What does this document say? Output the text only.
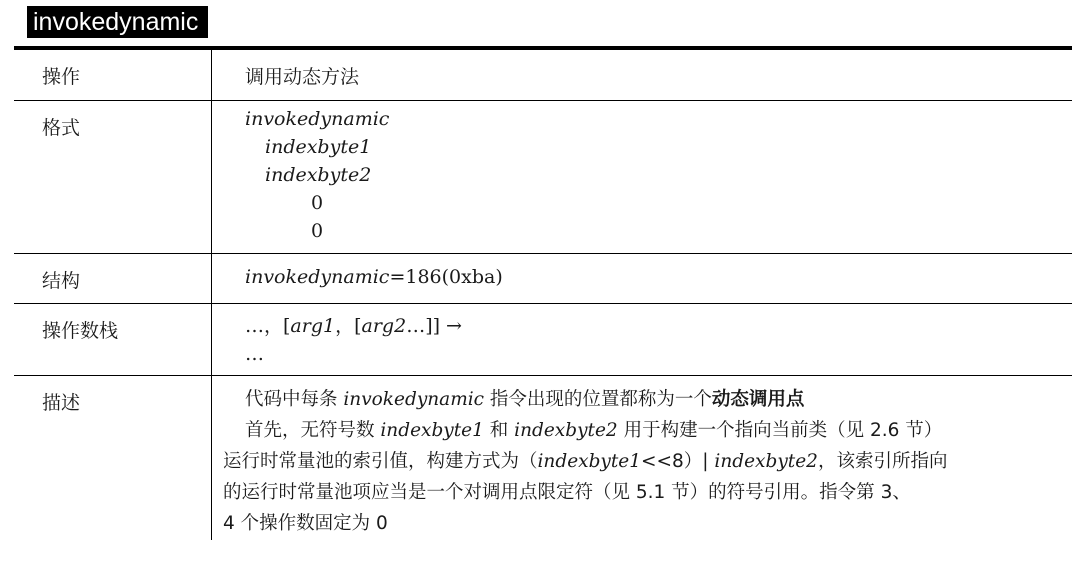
invokedynamic
操作	调用动态方法
格式	invokedynamic
indexbyte1
indexbyte2
0
0

结构	invokedynamic=186(0xba)
操作数栈	…，[arg1，[arg2…]] →
…

描述	代码中每条 invokedynamic 指令出现的位置都称为一个动态调用点

首先，无符号数 indexbyte1 和 indexbyte2 用于构建一个指向当前类（见 2.6 节）

运行时常量池的索引值，构建方式为（indexbyte1<<8）| indexbyte2，该索引所指向

的运行时常量池项应当是一个对调用点限定符（见 5.1 节）的符号引用。指令第 3、

4 个操作数固定为 0
